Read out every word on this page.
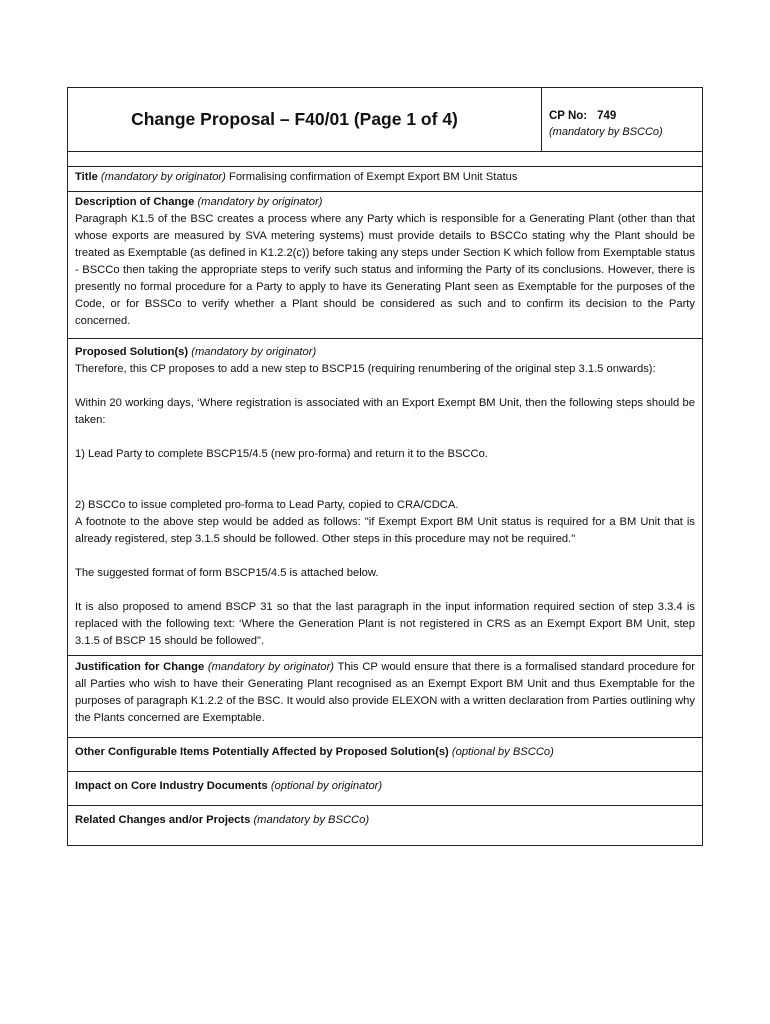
Change Proposal – F40/01 (Page 1 of 4)	CP No: 749
(mandatory by BSCCo)
Title (mandatory by originator) Formalising confirmation of Exempt Export BM Unit Status

Description of Change (mandatory by originator)

Paragraph K1.5 of the BSC creates a process where any Party which is responsible for a Generating Plant (other than that whose exports are measured by SVA metering systems) must provide details to BSCCo stating why the Plant should be treated as Exemptable (as defined in K1.2.2(c)) before taking any steps under Section K which follow from Exemptable status - BSCCo then taking the appropriate steps to verify such status and informing the Party of its conclusions. However, there is presently no formal procedure for a Party to apply to have its Generating Plant seen as Exemptable for the purposes of the Code, or for BSSCo to verify whether a Plant should be considered as such and to confirm its decision to the Party concerned.

Proposed Solution(s) (mandatory by originator)

Therefore, this CP proposes to add a new step to BSCP15 (requiring renumbering of the original step 3.1.5 onwards):

Within 20 working days, ‘Where registration is associated with an Export Exempt BM Unit, then the following steps should be taken:

1) Lead Party to complete BSCP15/4.5 (new pro-forma) and return it to the BSCCo.

2) BSCCo to issue completed pro-forma to Lead Party, copied to CRA/CDCA.

A footnote to the above step would be added as follows: "if Exempt Export BM Unit status is required for a BM Unit that is already registered, step 3.1.5 should be followed. Other steps in this procedure may not be required."

The suggested format of form BSCP15/4.5 is attached below.

It is also proposed to amend BSCP 31 so that the last paragraph in the input information required section of step 3.3.4 is replaced with the following text: ‘Where the Generation Plant is not registered in CRS as an Exempt Export BM Unit, step 3.1.5 of BSCP 15 should be followed".

Justification for Change (mandatory by originator) This CP would ensure that there is a formalised standard procedure for all Parties who wish to have their Generating Plant recognised as an Exempt Export BM Unit and thus Exemptable for the purposes of paragraph K1.2.2 of the BSC. It would also provide ELEXON with a written declaration from Parties outlining why the Plants concerned are Exemptable.

Other Configurable Items Potentially Affected by Proposed Solution(s) (optional by BSCCo)
Impact on Core Industry Documents (optional by originator)
Related Changes and/or Projects (mandatory by BSCCo)
